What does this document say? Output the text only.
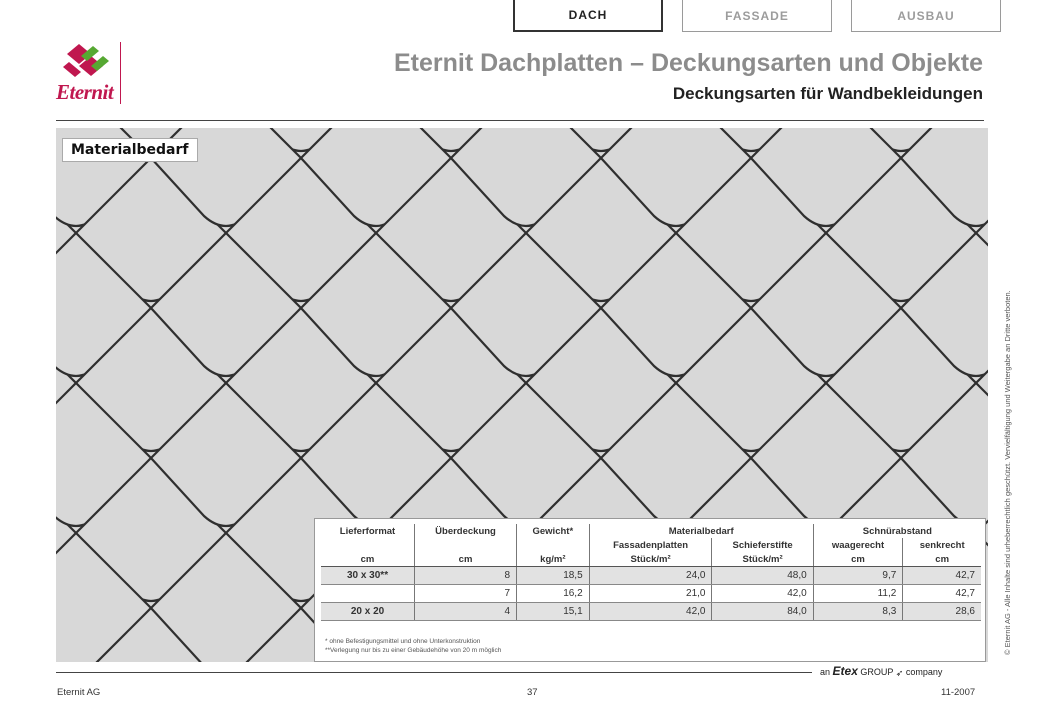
DACH	FASSADE	AUSBAU
Eternit
Eternit Dachplatten – Deckungsarten und Objekte
Deckungsarten für Wandbekleidungen
Materialbedarf
Lieferformat	Überdeckung	Gewicht*	Materialbedarf		Schnürabstand	
			Fassadenplatten	Schieferstifte	waagerecht	senkrecht
cm	cm	kg/m²	Stück/m²	Stück/m²	cm	cm
30 x 30**	8	18,5	24,0	48,0	9,7	42,7
	7	16,2	21,0	42,0	11,2	42,7
20 x 20	4	15,1	42,0	84,0	8,3	28,6
* ohne Befestigungsmittel und ohne Unterkonstruktion
**Verlegung nur bis zu einer Gebäudehöhe von 20 m möglich	© Eternit AG - Alle Inhalte sind urheberrechtlich geschützt. Vervielfältigung und Weitergabe an Dritte verboten.
an Etex GROUP ➶ company
Eternit AG	37	11-2007
